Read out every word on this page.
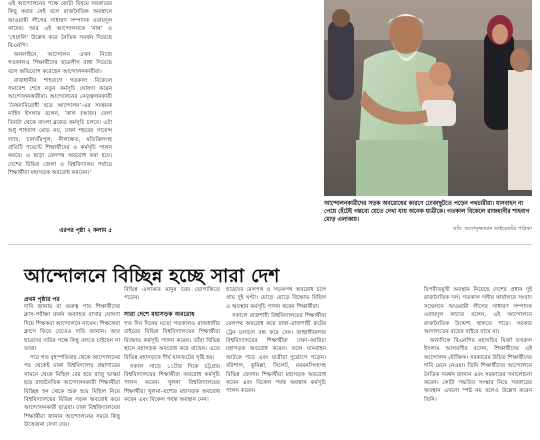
এই আন্দোলনের পক্ষে কোটা বিষয়ে সরকারের কিছু করার নেই বলে রাজনৈতিক অবস্থানে আওয়ামী লীগের সাধারণ সম্পাদক ওবায়দুল কাদের। আর এই আন্দোলনকে ‘নাথ’ ও ‘খেয়ালি’ উল্লেখ করে নৈতিক সমর্থন দিয়েছে বিএনপি।

অনলাইনে, আন্দোলন এখন নিজে গতকালও শিক্ষার্থীদের ছাত্রলীগ বাধা দিয়েছে বলে অভিযোগ করেছেন আন্দোলনকারীরা।

রাজধানীর শাহবাগে গতকাল বিকেলে সমাবেশ শেষে নতুন কর্মসূচি ঘোষণা করেন আন্দোলনকারীরা। আন্দোলনের নেতৃত্বদানকারী ‘বৈষম্যবিরোধী ছাত্র আন্দোলন’-এর সমন্বয়ক নাহিদ ইসলাম বলেন, ‘কাল (আজ) বেলা তিনটা থেকে বাংলা ব্লকেড কর্মসূচি চলবে। এটা শুধু শাহবাগ মোড় নয়, ঢাকা শহরের সায়েন্স ল্যাব, চানখাঁরপুল, নীলক্ষেত, মতিঝিলসহ প্রতিটি পয়েন্টে শিক্ষার্থীদের ও কর্মসূচি পালন করবে। এ ছাড়া রেলপথ অবরোধ করা হবে। দেশের বিভিন্ন জেলা ও বিশ্ববিদ্যালয় পর্যায়ে শিক্ষার্থীরা মহাসড়ক অবরোধ করবেন।’

এরপর পৃষ্ঠা ২ কলাম ৫
আন্দোলনকারীদের সড়ক অবরোধের কারণে ঢোকাছুটতে পড়েন পথচারীরা। যানবাহন না পেয়ে হেঁটেই গন্তব্যে যেতে দেখা যায় অনেক যাত্রীকে। গতকাল বিকেলে রাজধানীর শাহবাগ মোড় এলাকায়।
ছবি: আসাদুজ্জামান ডাইরেকটর পত্রিকা
আন্দোলনে বিচ্ছিন্ন হচ্ছে সারা দেশ
প্রথম পৃষ্ঠার পর

দাবি জানায় বা গুরুত্ব পায় শিক্ষার্থীদের ক্লাস-পরীক্ষা বর্জন অব্যাহত রাখার ঘোষণা দিয়ে শিক্ষকরা আন্দোলনে নামেন। শিক্ষকেরা ক্লাসে ফিরে যেতেও দাবি জানান। আর ছাত্রদের দাবির পক্ষে কিছু বলতে চাইছেন না তারা।

পরে গত বৃহস্পতিবার থেকে আন্দোলনের পর থেকেই ঢাকা বিশ্ববিদ্যালয় গ্রন্থাগারের সামনে থেকে মিছিল বের হয়ে রাজু ভাস্কর্য হয়ে রাজনৈতিক আন্দোলনকারী শিক্ষার্থীরা বিচ্ছিন্ন হন থেকে শুরু হয়ে মিছিল নিয়ে বিশ্ববিদ্যালয়ের বিভিন্ন সড়ক অবরোধ করে আন্দোলনকারী ছাত্ররা। ঢাকা বিশ্ববিদ্যালয়ের শিক্ষার্থীরা জানান আন্দোলনের সময়ে কিছু উত্তেজনা দেখা দেয়।

বিভিন্ন এলাকার মানুষ চরম ভোগান্তিতে পড়েন।

সারা দেশে মহাসড়ক অবরোধ

গত দিন দিনের মতো গতকালও রাজধানীর বাইরের বিভিন্ন বিশ্ববিদ্যালয়ের শিক্ষার্থীরা বিক্ষোভ কর্মসূচি পালন করেন। তাঁরা বিভিন্ন স্থানে মহাসড়ক অবরোধ করে রাখেন। এতে বিভিন্ন মহাসড়কে দীর্ঘ যানজটের সৃষ্টি হয়।

সকাল সাড়ে ১১টার দিকে চট্টগ্রাম বিশ্ববিদ্যালয়ের শিক্ষার্থীরা অবরোধ কর্মসূচি পালন করেন। খুলনা বিশ্ববিদ্যালয়ের শিক্ষার্থীরা খুলনা–যশোর মহাসড়ক অবরোধ করেন এবং বিকেল পর্যন্ত অবস্থান নেন।

ছাত্রদের রেলপথ ও সড়কপথ অবরোধ চলে প্রায় দুই ঘণ্টা। মোড়ে মোড়ে বিক্ষোভ মিছিল ও অবস্থান কর্মসূচি পালন করেন শিক্ষার্থীরা।

সকালে রাজশাহী বিশ্ববিদ্যালয়ের শিক্ষার্থীরা রেলপথ অবরোধ করে ঢাকা–রাজশাহী রুটের ট্রেন চলাচল বন্ধ করে দেন। জাহাঙ্গীরনগর বিশ্ববিদ্যালয়ের শিক্ষার্থীরা ঢাকা–আরিচা মহাসড়ক অবরোধ করেন। ফলে যানবাহন আটকে পড়ে এবং যাত্রীরা দুর্ভোগে পড়েন। বরিশাল, কুমিল্লা, সিলেট, ময়মনসিংহসহ বিভিন্ন জেলায় শিক্ষার্থীরা মহাসড়ক অবরোধ করেন এবং বিকেল পর্যন্ত অবস্থান কর্মসূচি পালন করেন।

বিপরীতমুখী অবস্থান নিয়েছে দেশের প্রধান দুই রাজনৈতিক দল। গতকাল দলীয় কার্যালয়ে সংবাদ সম্মেলনে আওয়ামী লীগের সাধারণ সম্পাদক ওবায়দুল কাদের বলেন, এই আন্দোলনে রাজনৈতিক উদ্দেশ্য থাকতে পারে। সরকার আদালতের রায়ের বাইরে যাবে না।

অন্যদিকে বিএনপির মহাসচিব মির্জা ফখরুল ইসলাম আলমগীর বলেন, শিক্ষার্থীদের এই আন্দোলন যৌক্তিক। সরকারের উচিত শিক্ষার্থীদের দাবি মেনে নেওয়া। তিনি শিক্ষার্থীদের আন্দোলনে নৈতিক সমর্থন জানান এবং সরকারের সমালোচনা করেন। কোটা পদ্ধতির সংস্কার নিয়ে সরকারের অবস্থান এখনো স্পষ্ট নয় বলেও উল্লেখ করেন তিনি।
